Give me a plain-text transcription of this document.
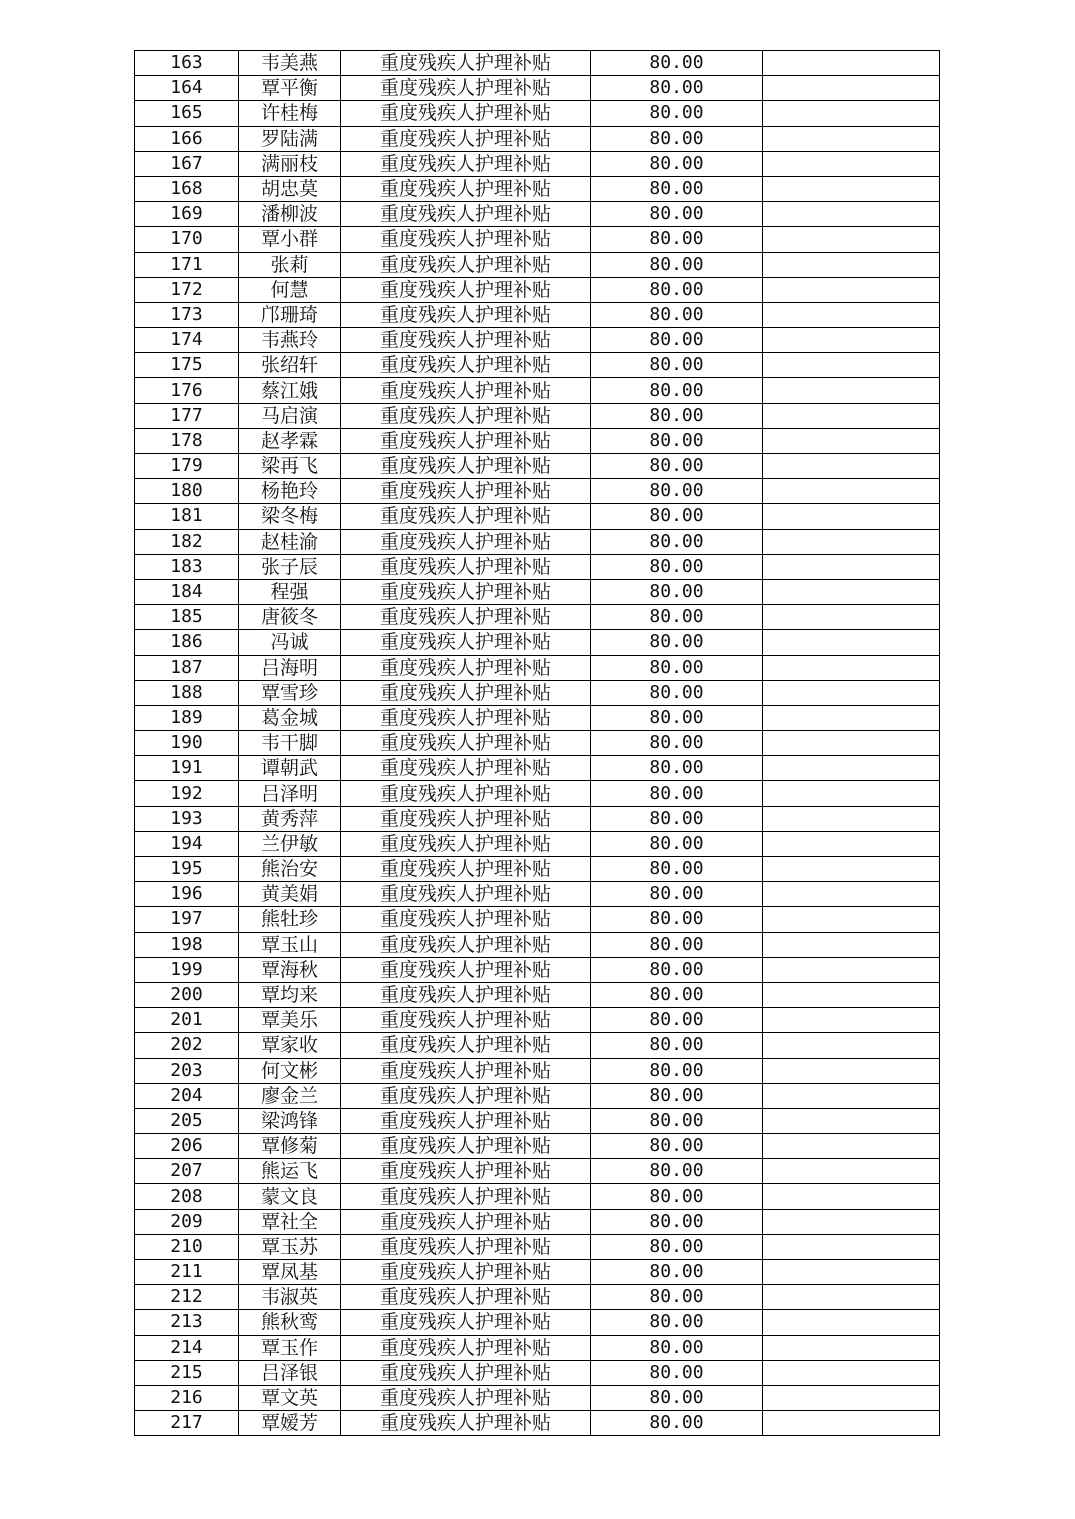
163	韦美燕	重度残疾人护理补贴	80.00	
164	覃平衡	重度残疾人护理补贴	80.00	
165	许桂梅	重度残疾人护理补贴	80.00	
166	罗陆满	重度残疾人护理补贴	80.00	
167	满丽枝	重度残疾人护理补贴	80.00	
168	胡忠莫	重度残疾人护理补贴	80.00	
169	潘柳波	重度残疾人护理补贴	80.00	
170	覃小群	重度残疾人护理补贴	80.00	
171	张莉	重度残疾人护理补贴	80.00	
172	何慧	重度残疾人护理补贴	80.00	
173	邝珊琦	重度残疾人护理补贴	80.00	
174	韦燕玲	重度残疾人护理补贴	80.00	
175	张绍轩	重度残疾人护理补贴	80.00	
176	蔡江娥	重度残疾人护理补贴	80.00	
177	马启演	重度残疾人护理补贴	80.00	
178	赵孝霖	重度残疾人护理补贴	80.00	
179	梁再飞	重度残疾人护理补贴	80.00	
180	杨艳玲	重度残疾人护理补贴	80.00	
181	梁冬梅	重度残疾人护理补贴	80.00	
182	赵桂渝	重度残疾人护理补贴	80.00	
183	张子辰	重度残疾人护理补贴	80.00	
184	程强	重度残疾人护理补贴	80.00	
185	唐筱冬	重度残疾人护理补贴	80.00	
186	冯诚	重度残疾人护理补贴	80.00	
187	吕海明	重度残疾人护理补贴	80.00	
188	覃雪珍	重度残疾人护理补贴	80.00	
189	葛金城	重度残疾人护理补贴	80.00	
190	韦干脚	重度残疾人护理补贴	80.00	
191	谭朝武	重度残疾人护理补贴	80.00	
192	吕泽明	重度残疾人护理补贴	80.00	
193	黄秀萍	重度残疾人护理补贴	80.00	
194	兰伊敏	重度残疾人护理补贴	80.00	
195	熊治安	重度残疾人护理补贴	80.00	
196	黄美娟	重度残疾人护理补贴	80.00	
197	熊牡珍	重度残疾人护理补贴	80.00	
198	覃玉山	重度残疾人护理补贴	80.00	
199	覃海秋	重度残疾人护理补贴	80.00	
200	覃均来	重度残疾人护理补贴	80.00	
201	覃美乐	重度残疾人护理补贴	80.00	
202	覃家收	重度残疾人护理补贴	80.00	
203	何文彬	重度残疾人护理补贴	80.00	
204	廖金兰	重度残疾人护理补贴	80.00	
205	梁鸿锋	重度残疾人护理补贴	80.00	
206	覃修菊	重度残疾人护理补贴	80.00	
207	熊运飞	重度残疾人护理补贴	80.00	
208	蒙文良	重度残疾人护理补贴	80.00	
209	覃社全	重度残疾人护理补贴	80.00	
210	覃玉苏	重度残疾人护理补贴	80.00	
211	覃凤基	重度残疾人护理补贴	80.00	
212	韦淑英	重度残疾人护理补贴	80.00	
213	熊秋鸾	重度残疾人护理补贴	80.00	
214	覃玉作	重度残疾人护理补贴	80.00	
215	吕泽银	重度残疾人护理补贴	80.00	
216	覃文英	重度残疾人护理补贴	80.00	
217	覃嫒芳	重度残疾人护理补贴	80.00	
